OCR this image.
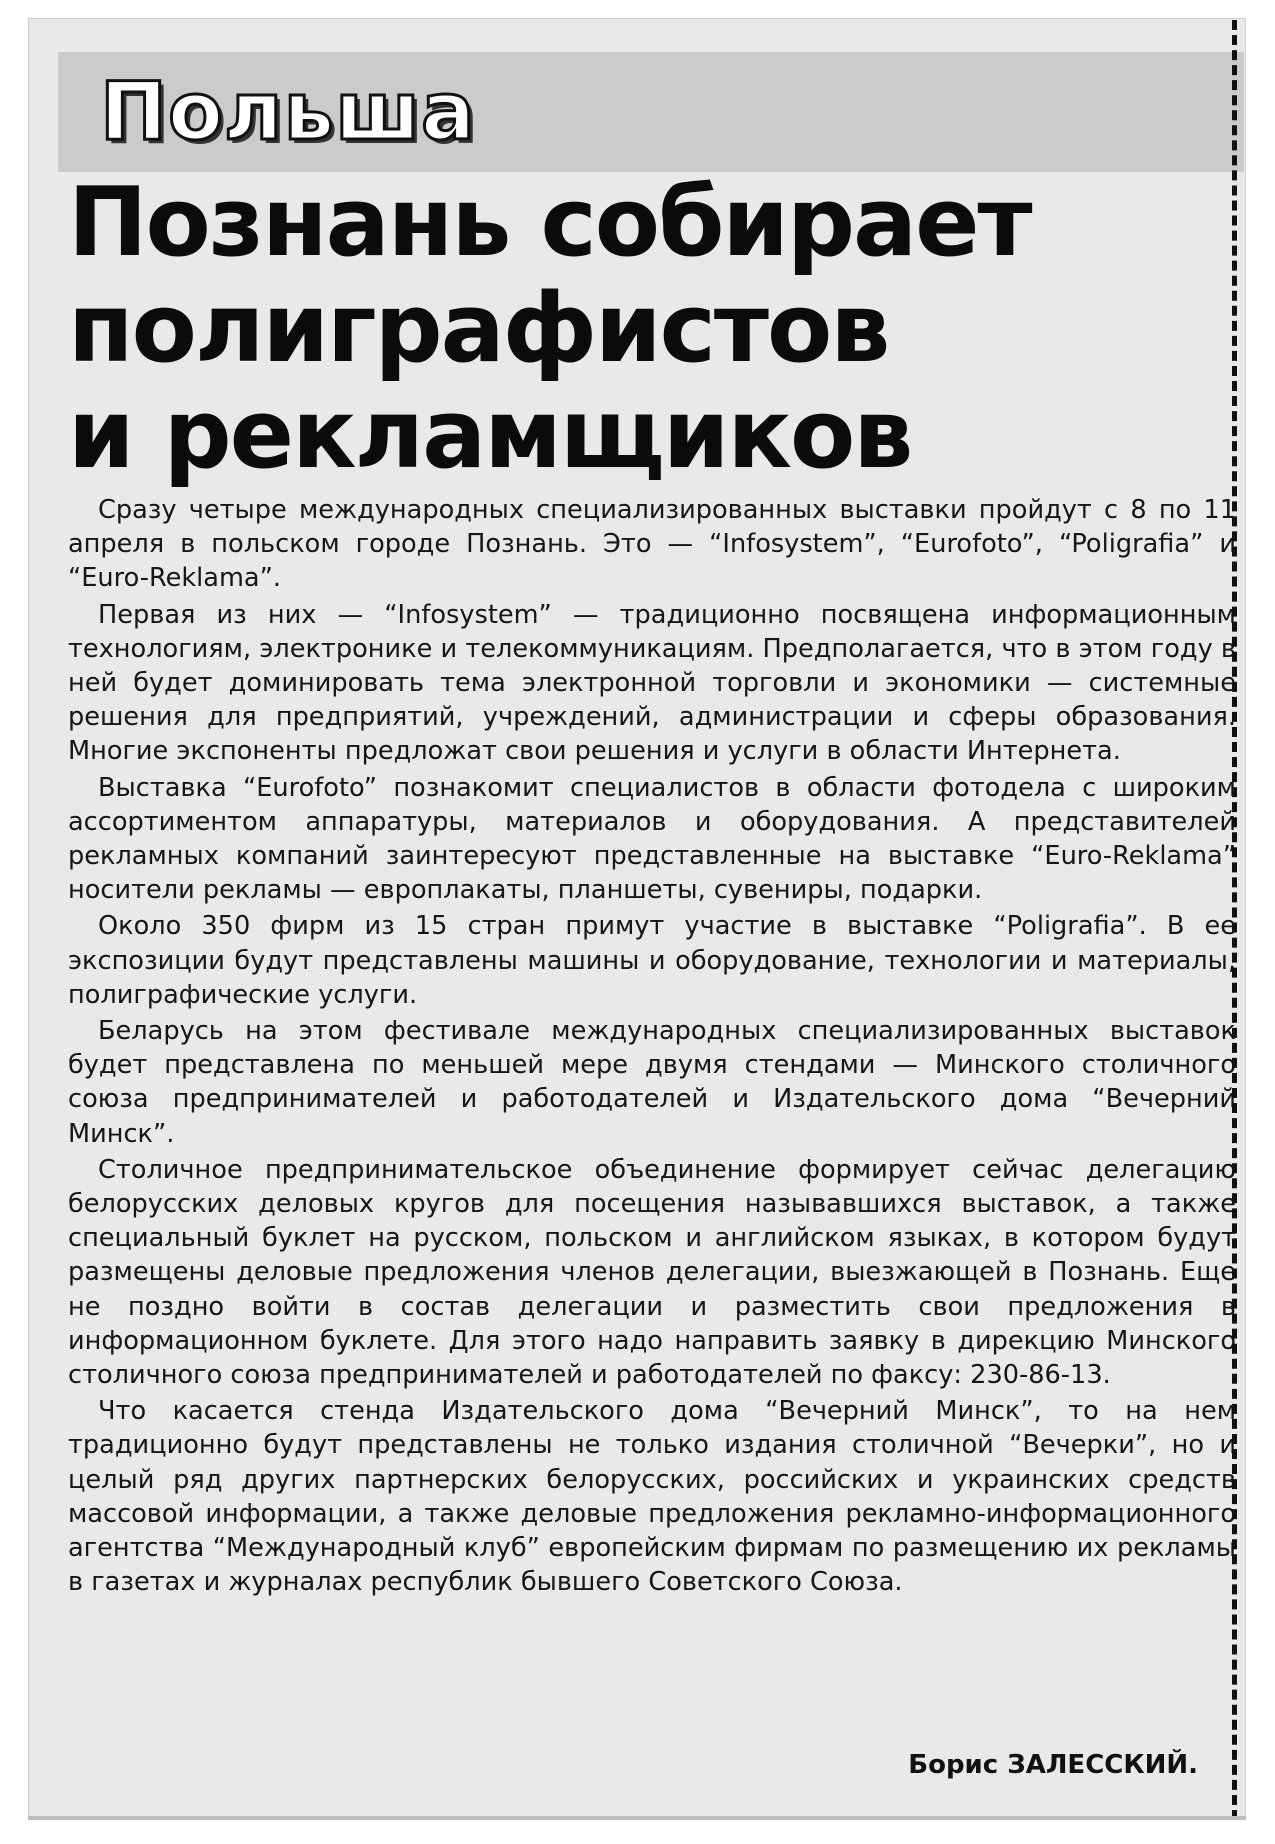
Польша
Познань собирает
полиграфистов
и рекламщиков

Сразу четыре международных специализированных выставки пройдут с 8 по 11 апреля в польском городе Познань. Это — “Infosystem”, “Eurofoto”, “Poligrafia” и “Euro-Reklama”.

Первая из них — “Infosystem” — традиционно посвящена информационным технологиям, электронике и телекоммуникациям. Предполагается, что в этом году в ней будет доминировать тема электронной торговли и экономики — системные решения для предприятий, учреждений, администрации и сферы образования. Многие экспоненты предложат свои решения и услуги в области Интернета.

Выставка “Eurofoto” познакомит специалистов в области фотодела с широким ассортиментом аппаратуры, материалов и оборудования. А представителей рекламных компаний заинтересуют представленные на выставке “Euro-Reklama” носители рекламы — европлакаты, планшеты, сувениры, подарки.

Около 350 фирм из 15 стран примут участие в выставке “Poligrafia”. В ее экспозиции будут представлены машины и оборудование, технологии и материалы, полиграфические услуги.

Беларусь на этом фестивале международных специализированных выставок будет представлена по меньшей мере двумя стендами — Минского столичного союза предпринимателей и работодателей и Издательского дома “Вечерний Минск”.

Столичное предпринимательское объединение формирует сейчас делегацию белорусских деловых кругов для посещения называвшихся выставок, а также специальный буклет на русском, польском и английском языках, в котором будут размещены деловые предложения членов делегации, выезжающей в Познань. Еще не поздно войти в состав делегации и разместить свои предложения в информационном буклете. Для этого надо направить заявку в дирекцию Минского столичного союза предпринимателей и работодателей по факсу: 230-86-13.

Что касается стенда Издательского дома “Вечерний Минск”, то на нем традиционно будут представлены не только издания столичной “Вечерки”, но и целый ряд других партнерских белорусских, российских и украинских средств массовой информации, а также деловые предложения рекламно-информационного агентства “Международный клуб” европейским фирмам по размещению их рекламы в газетах и журналах республик бывшего Советского Союза.

Борис ЗАЛЕССКИЙ.
